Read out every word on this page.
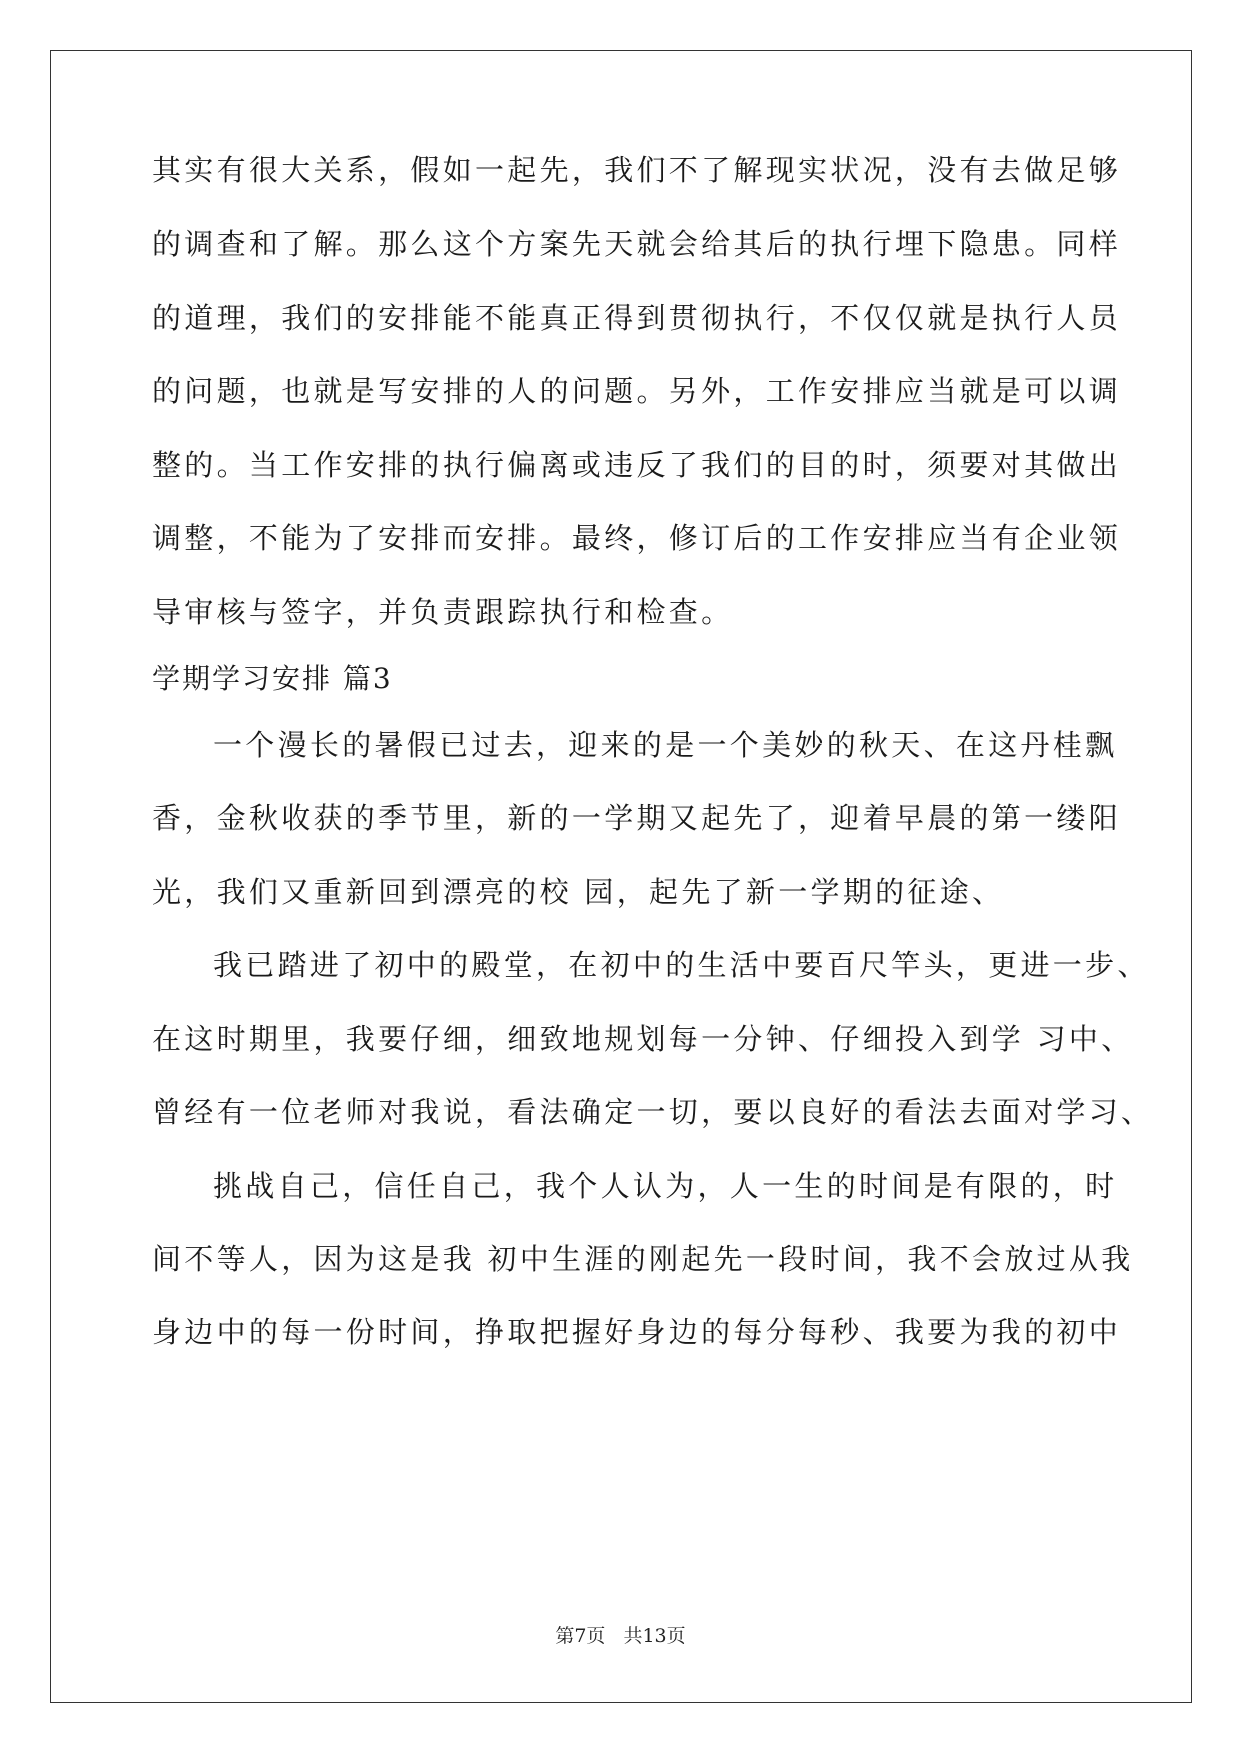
其实有很大关系，假如一起先，我们不了解现实状况，没有去做足够
的调查和了解。那么这个方案先天就会给其后的执行埋下隐患。同样
的道理，我们的安排能不能真正得到贯彻执行，不仅仅就是执行人员
的问题，也就是写安排的人的问题。另外，工作安排应当就是可以调
整的。当工作安排的执行偏离或违反了我们的目的时，须要对其做出
调整，不能为了安排而安排。最终，修订后的工作安排应当有企业领
导审核与签字，并负责跟踪执行和检查。
学期学习安排 篇3
一个漫长的暑假已过去，迎来的是一个美妙的秋天、在这丹桂飘
香，金秋收获的季节里，新的一学期又起先了，迎着早晨的第一缕阳
光，我们又重新回到漂亮的校 园，起先了新一学期的征途、
我已踏进了初中的殿堂，在初中的生活中要百尺竿头，更进一步、
在这时期里，我要仔细，细致地规划每一分钟、仔细投入到学 习中、
曾经有一位老师对我说，看法确定一切，要以良好的看法去面对学习、
挑战自己，信任自己，我个人认为，人一生的时间是有限的，时
间不等人，因为这是我 初中生涯的刚起先一段时间，我不会放过从我
身边中的每一份时间，挣取把握好身边的每分每秒、我要为我的初中
第7页 共13页
